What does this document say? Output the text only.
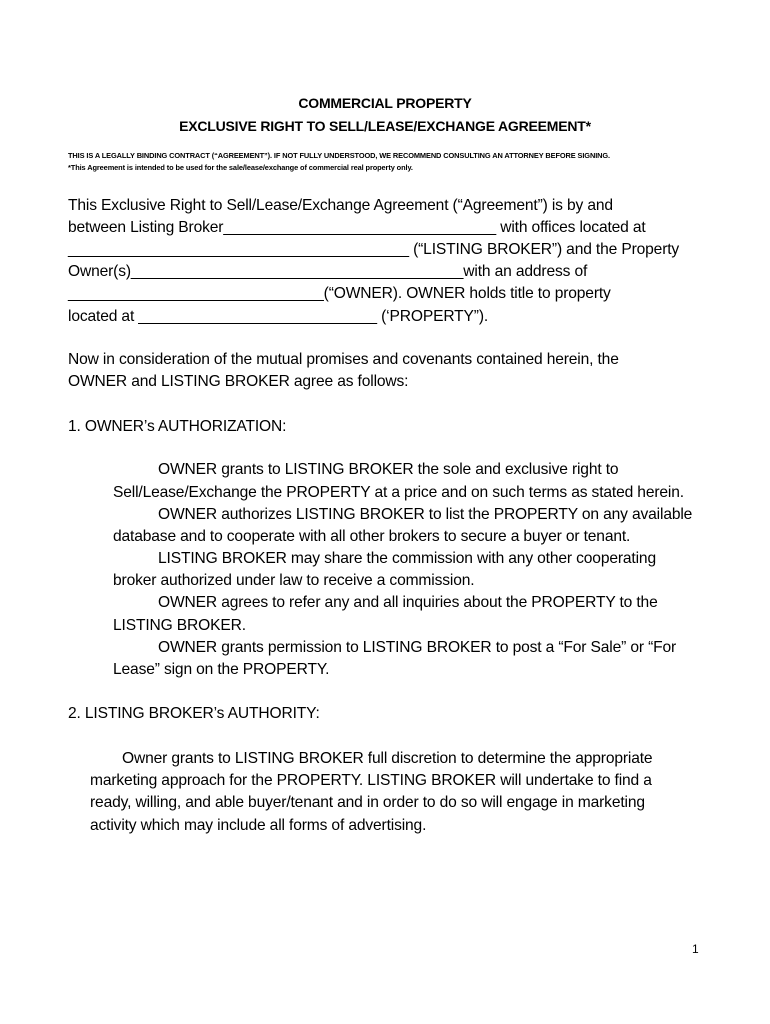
COMMERCIAL PROPERTY
EXCLUSIVE RIGHT TO SELL/LEASE/EXCHANGE AGREEMENT*
THIS IS A LEGALLY BINDING CONTRACT (“AGREEMENT”). IF NOT FULLY UNDERSTOOD, WE RECOMMEND CONSULTING AN ATTORNEY BEFORE SIGNING.
*This Agreement is intended to be used for the sale/lease/exchange of commercial real property only.
This Exclusive Right to Sell/Lease/Exchange Agreement (“Agreement”) is by and
between Listing Broker________________________________ with offices located at
________________________________________ (“LISTING BROKER”) and the Property
Owner(s)_______________________________________with an address of
______________________________(“OWNER). OWNER holds title to property
located at ____________________________ (‘PROPERTY”).
Now in consideration of the mutual promises and covenants contained herein, the
OWNER and LISTING BROKER agree as follows:
1. OWNER’s AUTHORIZATION:
OWNER grants to LISTING BROKER the sole and exclusive right to
Sell/Lease/Exchange the PROPERTY at a price and on such terms as stated herein.
OWNER authorizes LISTING BROKER to list the PROPERTY on any available
database and to cooperate with all other brokers to secure a buyer or tenant.
LISTING BROKER may share the commission with any other cooperating
broker authorized under law to receive a commission.
OWNER agrees to refer any and all inquiries about the PROPERTY to the
LISTING BROKER.
OWNER grants permission to LISTING BROKER to post a “For Sale” or “For
Lease” sign on the PROPERTY.
2. LISTING BROKER’s AUTHORITY:
Owner grants to LISTING BROKER full discretion to determine the appropriate
marketing approach for the PROPERTY. LISTING BROKER will undertake to find a
ready, willing, and able buyer/tenant and in order to do so will engage in marketing
activity which may include all forms of advertising.
1
